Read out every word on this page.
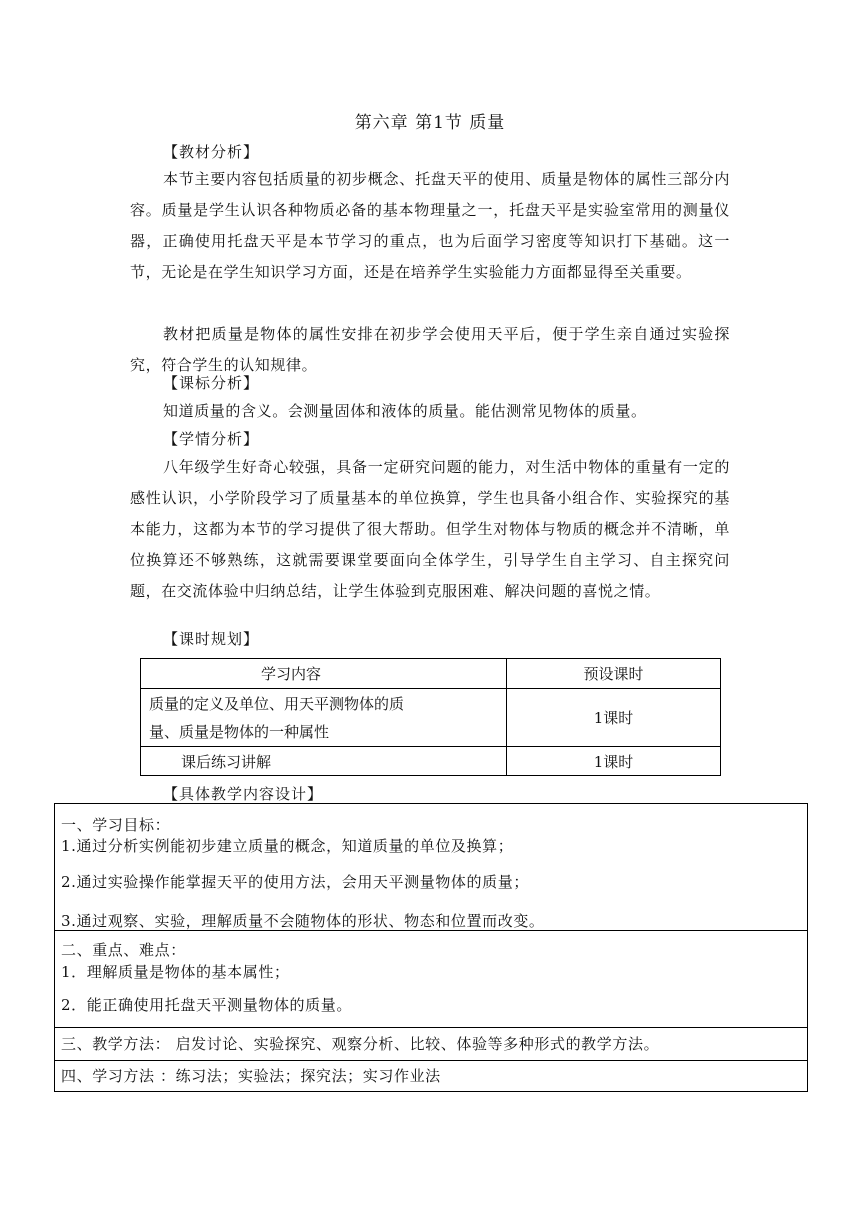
第六章 第1节 质量
【教材分析】
本节主要内容包括质量的初步概念、托盘天平的使用、质量是物体的属性三部分内容。质量是学生认识各种物质必备的基本物理量之一，托盘天平是实验室常用的测量仪器，正确使用托盘天平是本节学习的重点，也为后面学习密度等知识打下基础。这一节，无论是在学生知识学习方面，还是在培养学生实验能力方面都显得至关重要。
教材把质量是物体的属性安排在初步学会使用天平后，便于学生亲自通过实验探究，符合学生的认知规律。
【课标分析】
知道质量的含义。会测量固体和液体的质量。能估测常见物体的质量。
【学情分析】
八年级学生好奇心较强，具备一定研究问题的能力，对生活中物体的重量有一定的感性认识，小学阶段学习了质量基本的单位换算，学生也具备小组合作、实验探究的基本能力，这都为本节的学习提供了很大帮助。但学生对物体与物质的概念并不清晰，单位换算还不够熟练，这就需要课堂要面向全体学生，引导学生自主学习、自主探究问题，在交流体验中归纳总结，让学生体验到克服困难、解决问题的喜悦之情。
【课时规划】
学习内容	预设课时

质量的定义及单位、用天平测物体的质
量、质量是物体的一种属性	1课时
课后练习讲解	1课时
【具体教学内容设计】
一、学习目标：
1.通过分析实例能初步建立质量的概念，知道质量的单位及换算；
2.通过实验操作能掌握天平的使用方法，会用天平测量物体的质量；
3.通过观察、实验，理解质量不会随物体的形状、物态和位置而改变。
二、重点、难点：
1．理解质量是物体的基本属性；
2．能正确使用托盘天平测量物体的质量。
三、教学方法： 启发讨论、实验探究、观察分析、比较、体验等多种形式的教学方法。
四、学习方法 ：练习法；实验法；探究法；实习作业法
